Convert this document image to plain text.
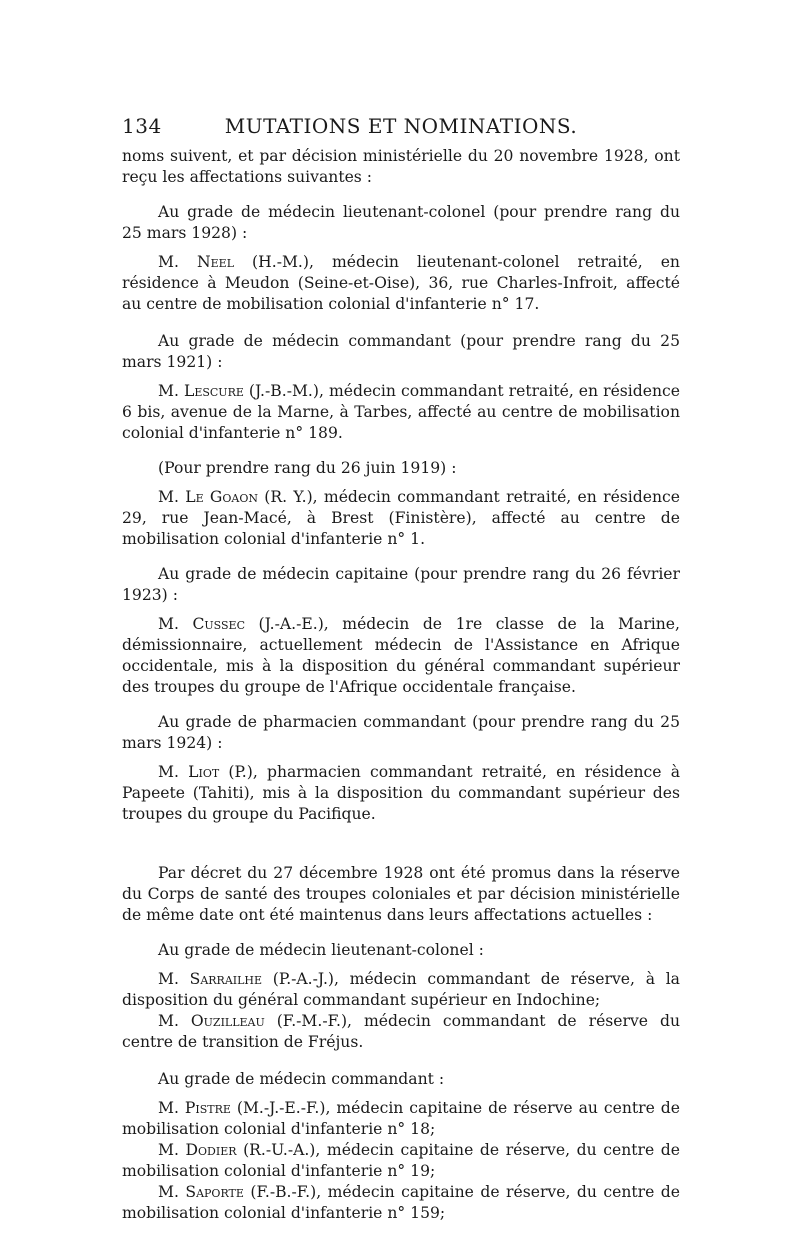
134	MUTATIONS ET NOMINATIONS.

noms suivent, et par décision ministérielle du 20 novembre 1928, ont reçu les affectations suivantes :

Au grade de médecin lieutenant-colonel (pour prendre rang du 25 mars 1928) :

M. Neel (H.-M.), médecin lieutenant-colonel retraité, en résidence à Meudon (Seine-et-Oise), 36, rue Charles-Infroit, affecté au centre de mobilisation colonial d'infanterie n° 17.

Au grade de médecin commandant (pour prendre rang du 25 mars 1921) :

M. Lescure (J.-B.-M.), médecin commandant retraité, en résidence 6 bis, avenue de la Marne, à Tarbes, affecté au centre de mobilisation colonial d'infanterie n° 189.

(Pour prendre rang du 26 juin 1919) :

M. Le Goaon (R. Y.), médecin commandant retraité, en résidence 29, rue Jean-Macé, à Brest (Finistère), affecté au centre de mobilisation colonial d'infanterie n° 1.

Au grade de médecin capitaine (pour prendre rang du 26 février 1923) :

M. Cussec (J.-A.-E.), médecin de 1re classe de la Marine, démissionnaire, actuellement médecin de l'Assistance en Afrique occidentale, mis à la disposition du général commandant supérieur des troupes du groupe de l'Afrique occidentale française.

Au grade de pharmacien commandant (pour prendre rang du 25 mars 1924) :

M. Liot (P.), pharmacien commandant retraité, en résidence à Papeete (Tahiti), mis à la disposition du commandant supérieur des troupes du groupe du Pacifique.

Par décret du 27 décembre 1928 ont été promus dans la réserve du Corps de santé des troupes coloniales et par décision ministérielle de même date ont été maintenus dans leurs affectations actuelles :

Au grade de médecin lieutenant-colonel :

M. Sarrailhe (P.-A.-J.), médecin commandant de réserve, à la disposition du général commandant supérieur en Indochine;

M. Ouzilleau (F.-M.-F.), médecin commandant de réserve du centre de transition de Fréjus.

Au grade de médecin commandant :

M. Pistre (M.-J.-E.-F.), médecin capitaine de réserve au centre de mobilisation colonial d'infanterie n° 18;

M. Dodier (R.-U.-A.), médecin capitaine de réserve, du centre de mobilisation colonial d'infanterie n° 19;

M. Saporte (F.-B.-F.), médecin capitaine de réserve, du centre de mobilisation colonial d'infanterie n° 159;
